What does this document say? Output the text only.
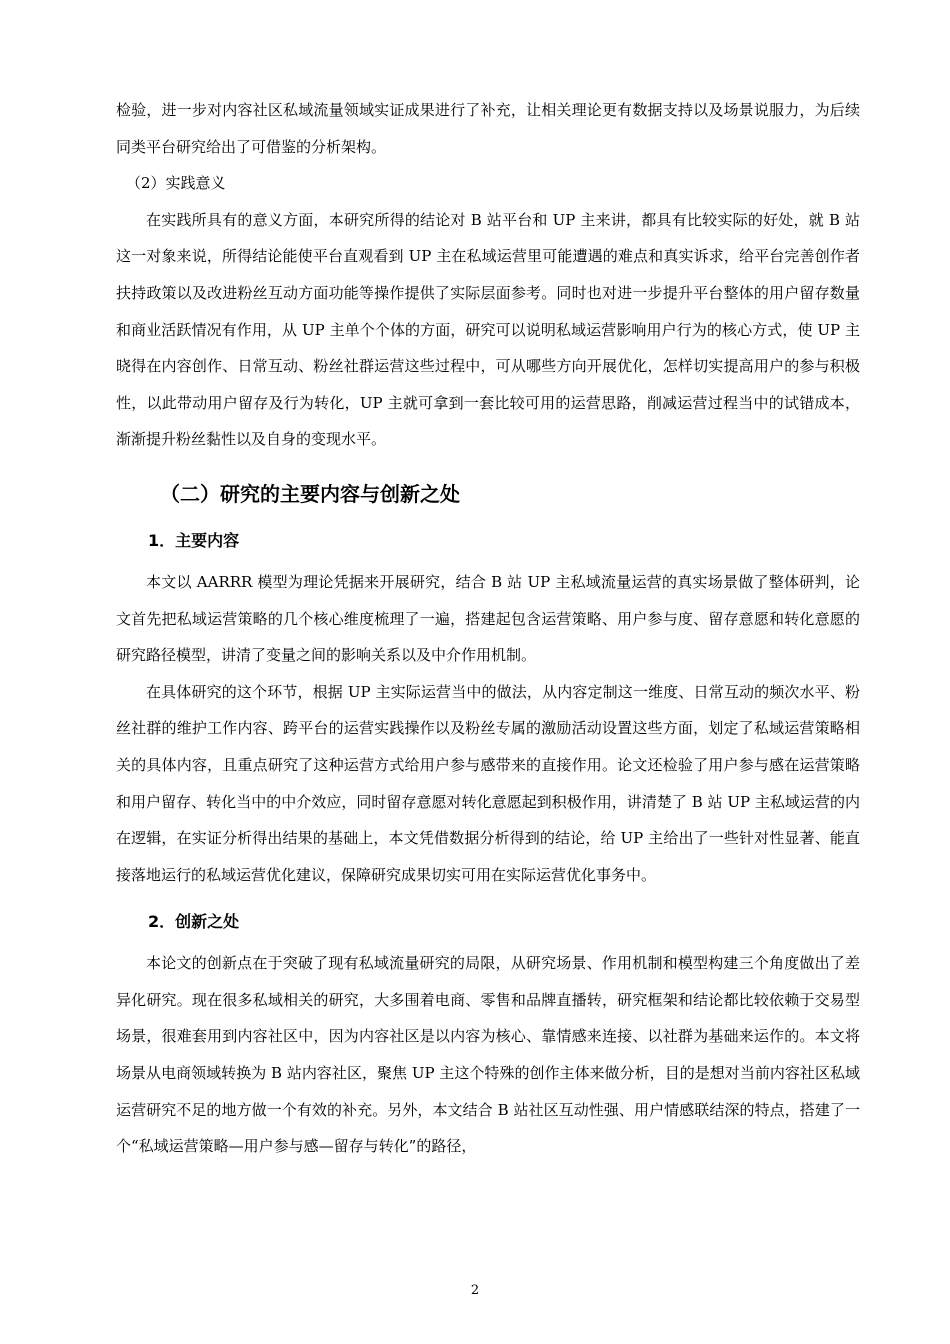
检验，进一步对内容社区私域流量领域实证成果进行了补充，让相关理论更有数据支持以及场景说服力，为后续同类平台研究给出了可借鉴的分析架构。

（2）实践意义

在实践所具有的意义方面，本研究所得的结论对 B 站平台和 UP 主来讲，都具有比较实际的好处，就 B 站这一对象来说，所得结论能使平台直观看到 UP 主在私域运营里可能遭遇的难点和真实诉求，给平台完善创作者扶持政策以及改进粉丝互动方面功能等操作提供了实际层面参考。同时也对进一步提升平台整体的用户留存数量和商业活跃情况有作用，从 UP 主单个个体的方面，研究可以说明私域运营影响用户行为的核心方式，使 UP 主晓得在内容创作、日常互动、粉丝社群运营这些过程中，可从哪些方向开展优化，怎样切实提高用户的参与积极性，以此带动用户留存及行为转化，UP 主就可拿到一套比较可用的运营思路，削减运营过程当中的试错成本，渐渐提升粉丝黏性以及自身的变现水平。

（二）研究的主要内容与创新之处
1．主要内容

本文以 AARRR 模型为理论凭据来开展研究，结合 B 站 UP 主私域流量运营的真实场景做了整体研判，论文首先把私域运营策略的几个核心维度梳理了一遍，搭建起包含运营策略、用户参与度、留存意愿和转化意愿的研究路径模型，讲清了变量之间的影响关系以及中介作用机制。

在具体研究的这个环节，根据 UP 主实际运营当中的做法，从内容定制这一维度、日常互动的频次水平、粉丝社群的维护工作内容、跨平台的运营实践操作以及粉丝专属的激励活动设置这些方面，划定了私域运营策略相关的具体内容，且重点研究了这种运营方式给用户参与感带来的直接作用。论文还检验了用户参与感在运营策略和用户留存、转化当中的中介效应，同时留存意愿对转化意愿起到积极作用，讲清楚了 B 站 UP 主私域运营的内在逻辑，在实证分析得出结果的基础上，本文凭借数据分析得到的结论，给 UP 主给出了一些针对性显著、能直接落地运行的私域运营优化建议，保障研究成果切实可用在实际运营优化事务中。

2．创新之处

本论文的创新点在于突破了现有私域流量研究的局限，从研究场景、作用机制和模型构建三个角度做出了差异化研究。现在很多私域相关的研究，大多围着电商、零售和品牌直播转，研究框架和结论都比较依赖于交易型场景，很难套用到内容社区中，因为内容社区是以内容为核心、靠情感来连接、以社群为基础来运作的。本文将场景从电商领域转换为 B 站内容社区，聚焦 UP 主这个特殊的创作主体来做分析，目的是想对当前内容社区私域运营研究不足的地方做一个有效的补充。另外，本文结合 B 站社区互动性强、用户情感联结深的特点，搭建了一个“私域运营策略—用户参与感—留存与转化”的路径，

2
